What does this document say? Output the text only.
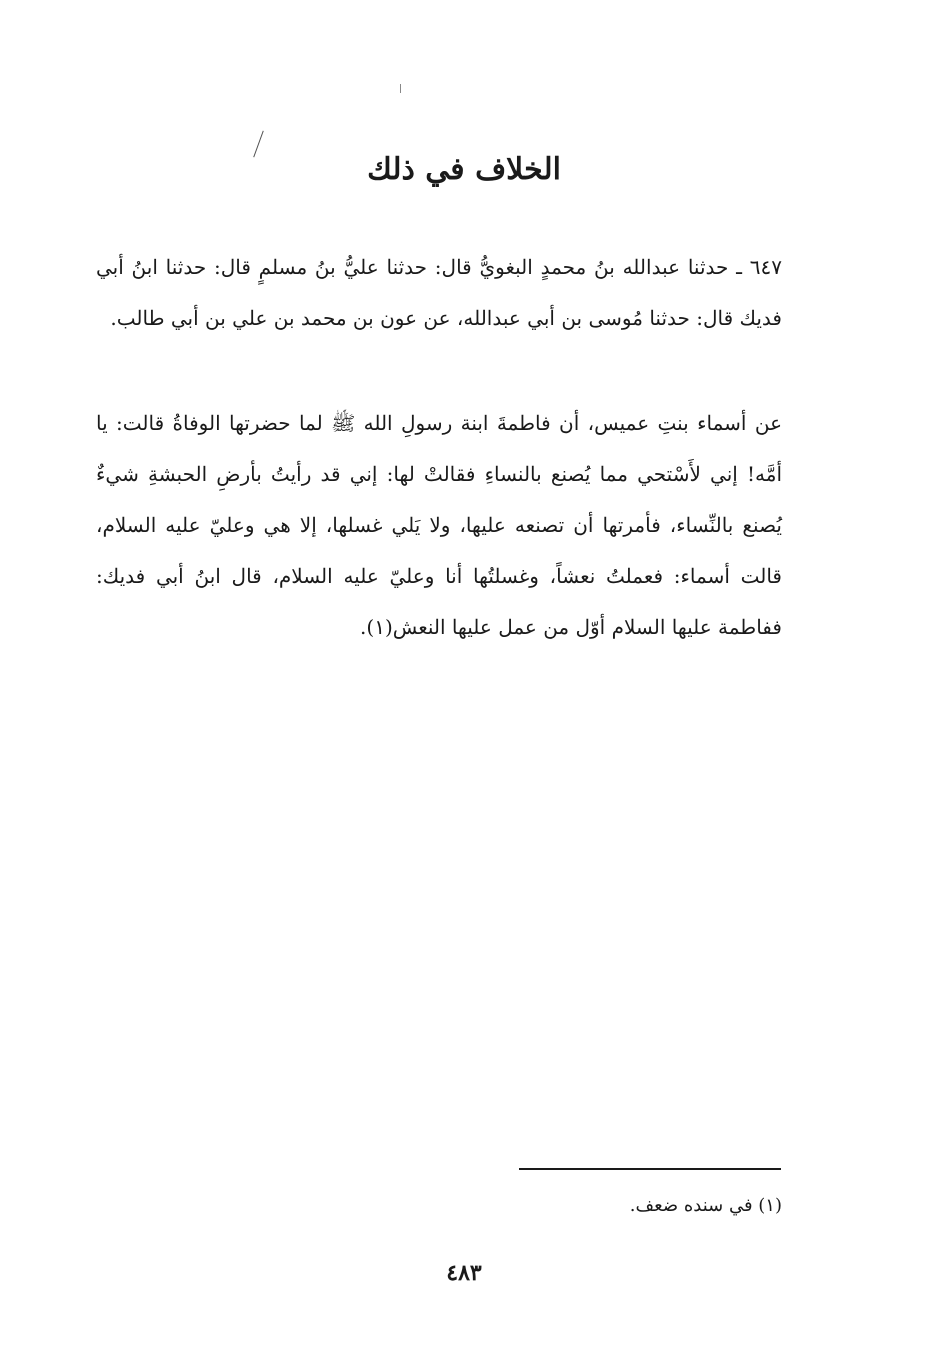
الخلاف في ذلك

٦٤٧ ـ حدثنا عبدالله بنُ محمدٍ البغويُّ قال: حدثنا عليُّ بنُ مسلمٍ قال: حدثنا ابنُ أبي فديك قال: حدثنا مُوسى بن أبي عبدالله، عن عون بن محمد بن علي بن أبي طالب.

عن أسماء بنتِ عميس، أن فاطمةَ ابنة رسولِ الله ﷺ لما حضرتها الوفاةُ قالت: يا أمَّه! إني لأَسْتحي مما يُصنع بالنساءِ فقالتْ لها: إني قد رأيتُ بأرضِ الحبشةِ شيءٌ يُصنع بالنِّساء، فأمرتها أن تصنعه عليها، ولا يَلي غسلها، إلا هي وعليّ عليه السلام، قالت أسماء: فعملتُ نعشاً، وغسلتُها أنا وعليّ عليه السلام، قال ابنُ أبي فديك: ففاطمة عليها السلام أوّل من عمل عليها النعش(١).

(١) في سنده ضعف.

٤٨٣
